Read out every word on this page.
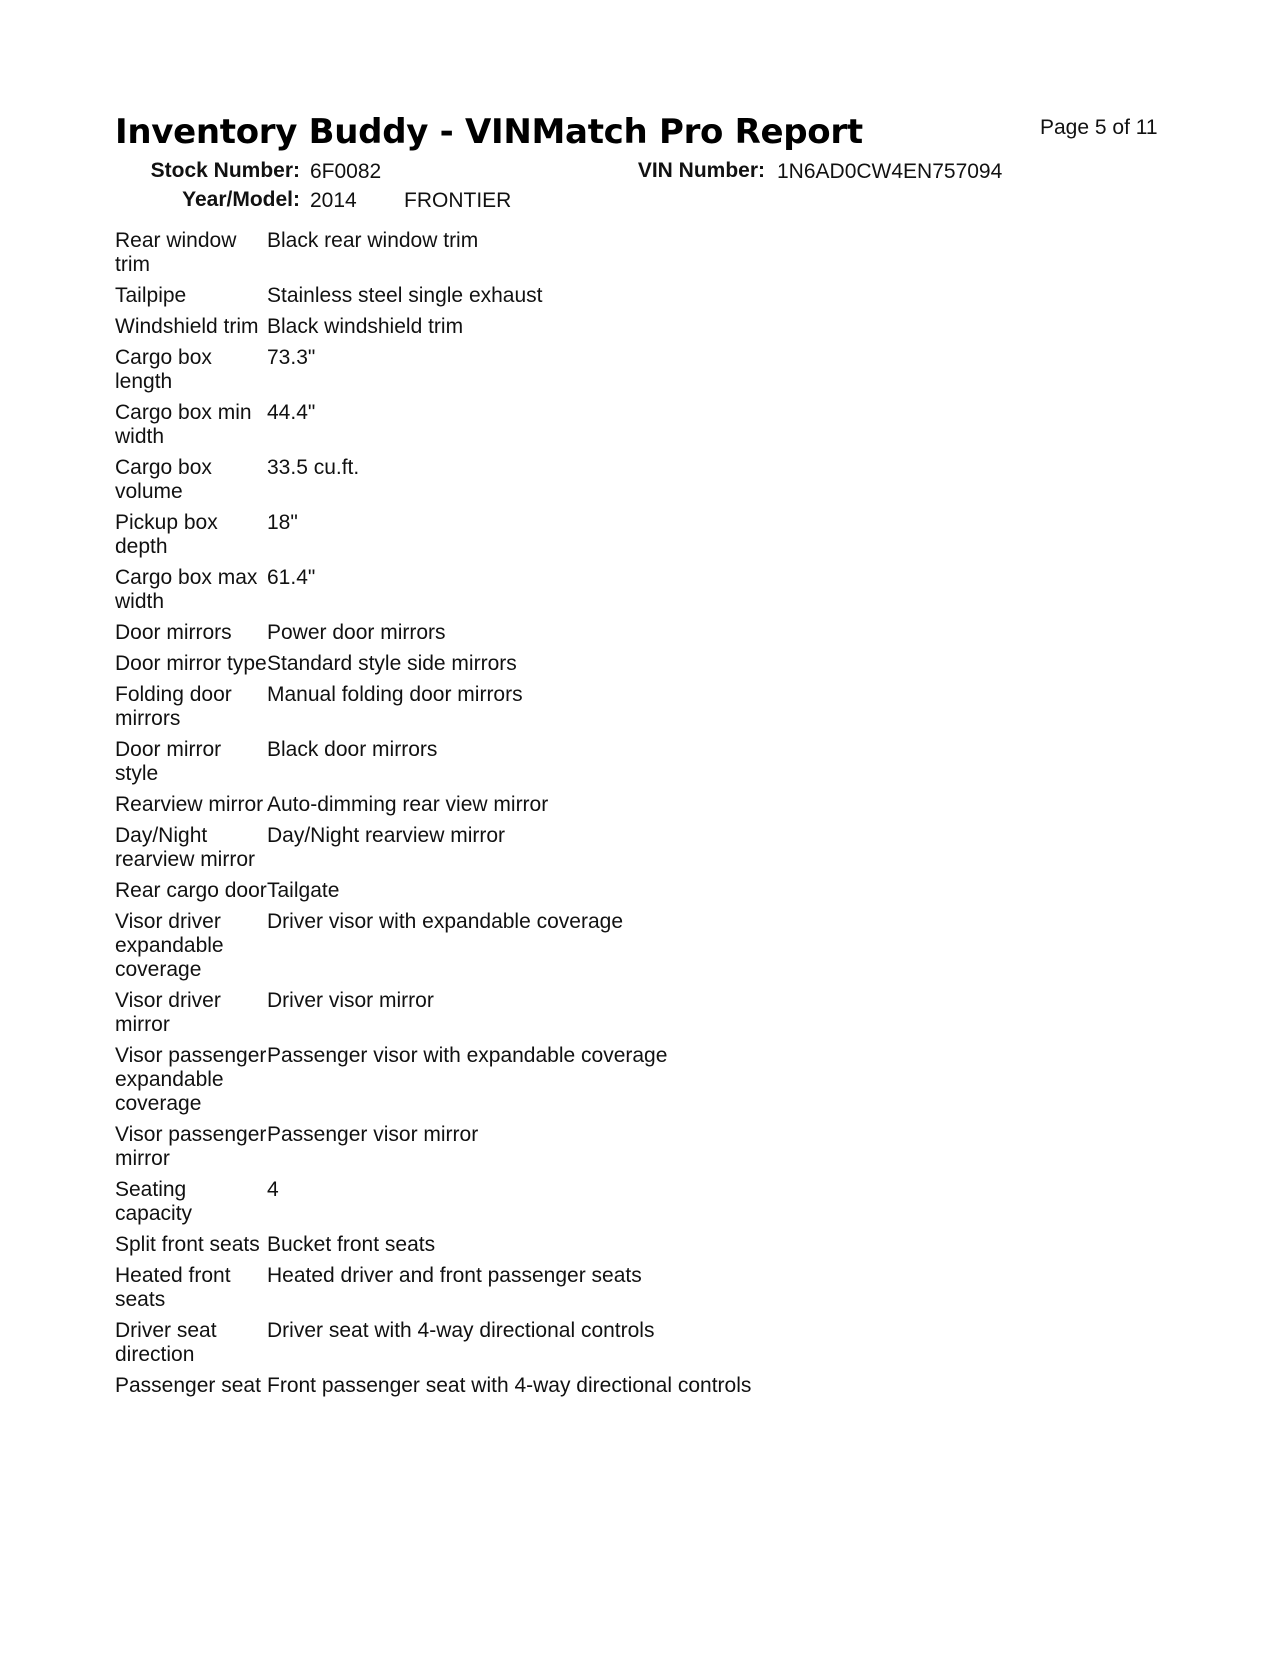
Inventory Buddy - VINMatch Pro Report	Page 5 of 11
Stock Number: 6F0082	VIN Number: 1N6AD0CW4EN757094
Year/Model: 2014 FRONTIER
Rear window trim	Black rear window trim
Tailpipe	Stainless steel single exhaust
Windshield trim	Black windshield trim
Cargo box length	73.3"
Cargo box min width	44.4"
Cargo box volume	33.5 cu.ft.
Pickup box depth	18"
Cargo box max width	61.4"
Door mirrors	Power door mirrors
Door mirror type	Standard style side mirrors
Folding door mirrors	Manual folding door mirrors
Door mirror style	Black door mirrors
Rearview mirror	Auto-dimming rear view mirror
Day/Night rearview mirror	Day/Night rearview mirror
Rear cargo door	Tailgate
Visor driver expandable coverage	Driver visor with expandable coverage
Visor driver mirror	Driver visor mirror
Visor passenger expandable coverage	Passenger visor with expandable coverage
Visor passenger mirror	Passenger visor mirror
Seating capacity	4
Split front seats	Bucket front seats
Heated front seats	Heated driver and front passenger seats
Driver seat direction	Driver seat with 4-way directional controls
Passenger seat	Front passenger seat with 4-way directional controls
